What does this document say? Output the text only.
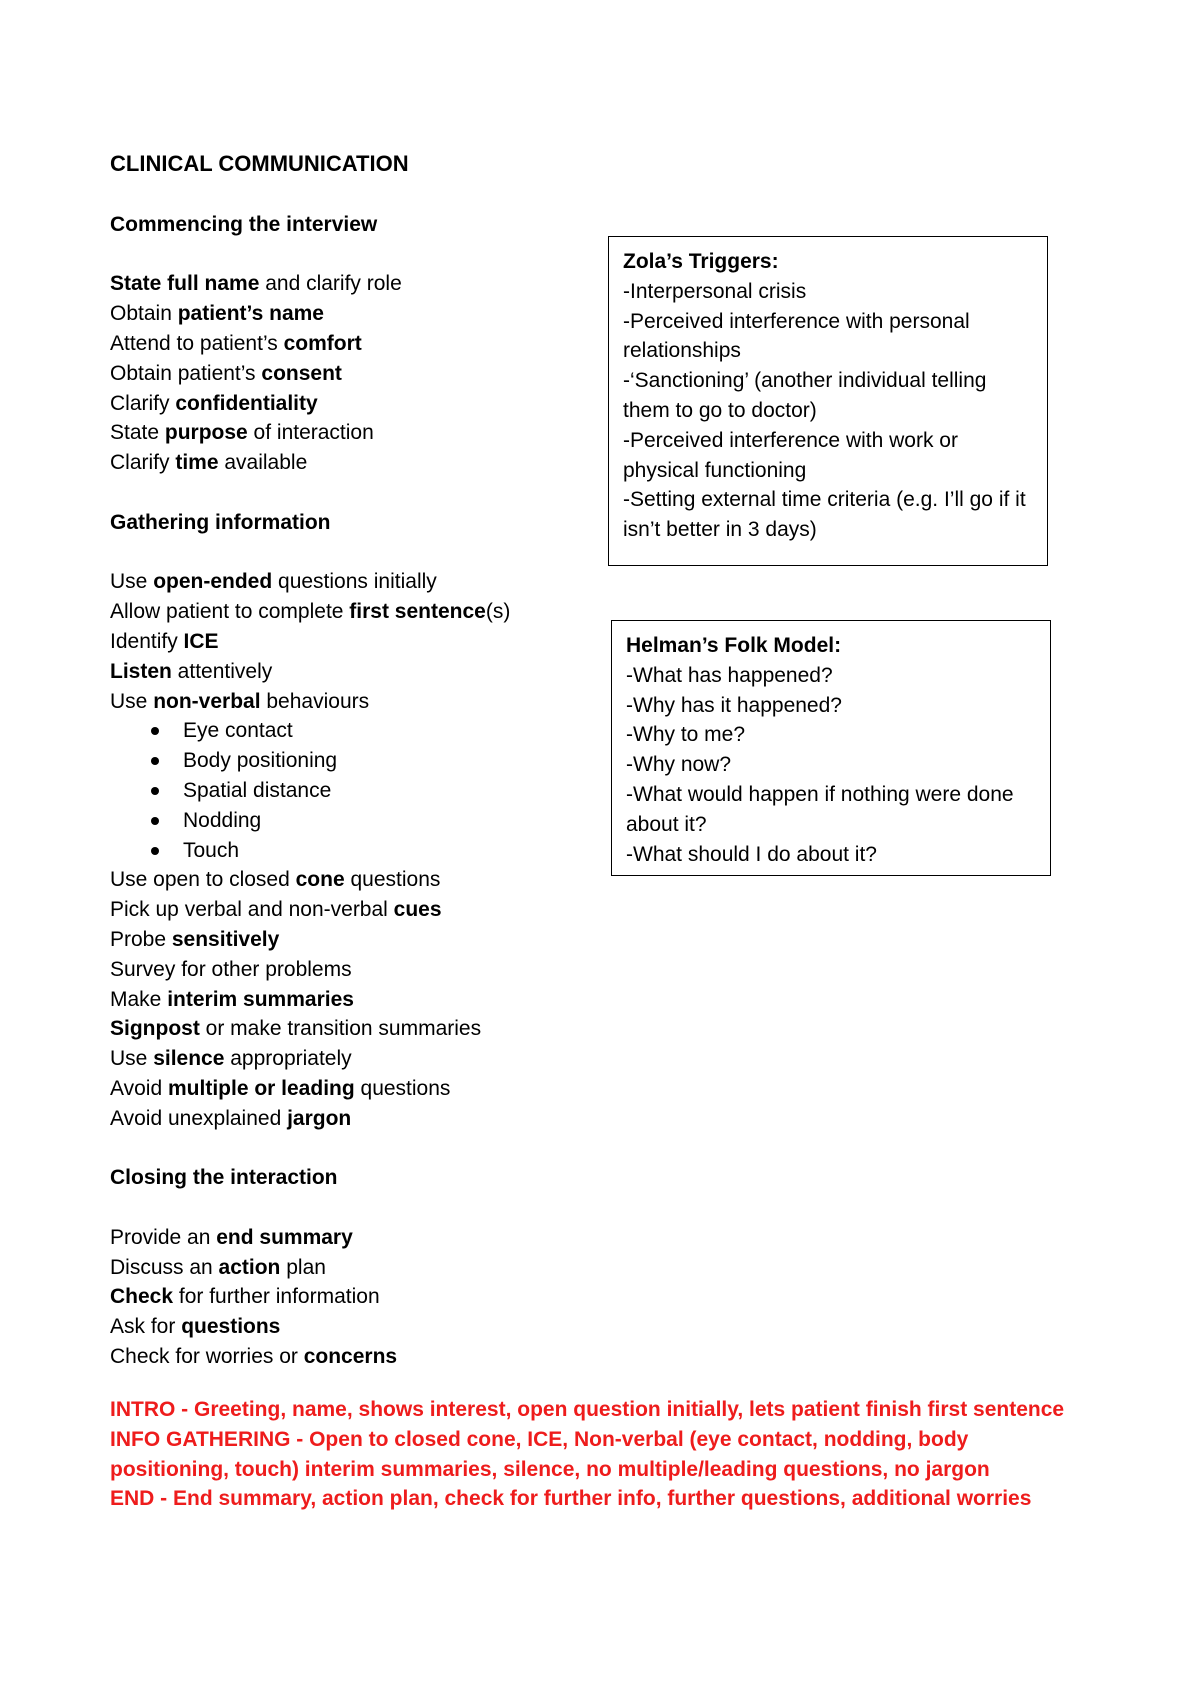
CLINICAL COMMUNICATION
Commencing the interview
State full name and clarify role
Obtain patient’s name
Attend to patient’s comfort
Obtain patient’s consent
Clarify confidentiality
State purpose of interaction
Clarify time available
Gathering information
Use open-ended questions initially
Allow patient to complete first sentence(s)
Identify ICE
Listen attentively
Use non-verbal behaviours
Eye contact
Body positioning
Spatial distance
Nodding
Touch
Use open to closed cone questions
Pick up verbal and non-verbal cues
Probe sensitively
Survey for other problems
Make interim summaries
Signpost or make transition summaries
Use silence appropriately
Avoid multiple or leading questions
Avoid unexplained jargon
Closing the interaction
Provide an end summary
Discuss an action plan
Check for further information
Ask for questions
Check for worries or concerns
INTRO - Greeting, name, shows interest, open question initially, lets patient finish first sentence
INFO GATHERING - Open to closed cone, ICE, Non-verbal (eye contact, nodding, body positioning, touch) interim summaries, silence, no multiple/leading questions, no jargon
END - End summary, action plan, check for further info, further questions, additional worries
Zola’s Triggers:
-Interpersonal crisis
-Perceived interference with personal relationships
-‘Sanctioning’ (another individual telling them to go to doctor)
-Perceived interference with work or physical functioning
-Setting external time criteria (e.g. I’ll go if it isn’t better in 3 days)
Helman’s Folk Model:
-What has happened?
-Why has it happened?
-Why to me?
-Why now?
-What would happen if nothing were done about it?
-What should I do about it?
